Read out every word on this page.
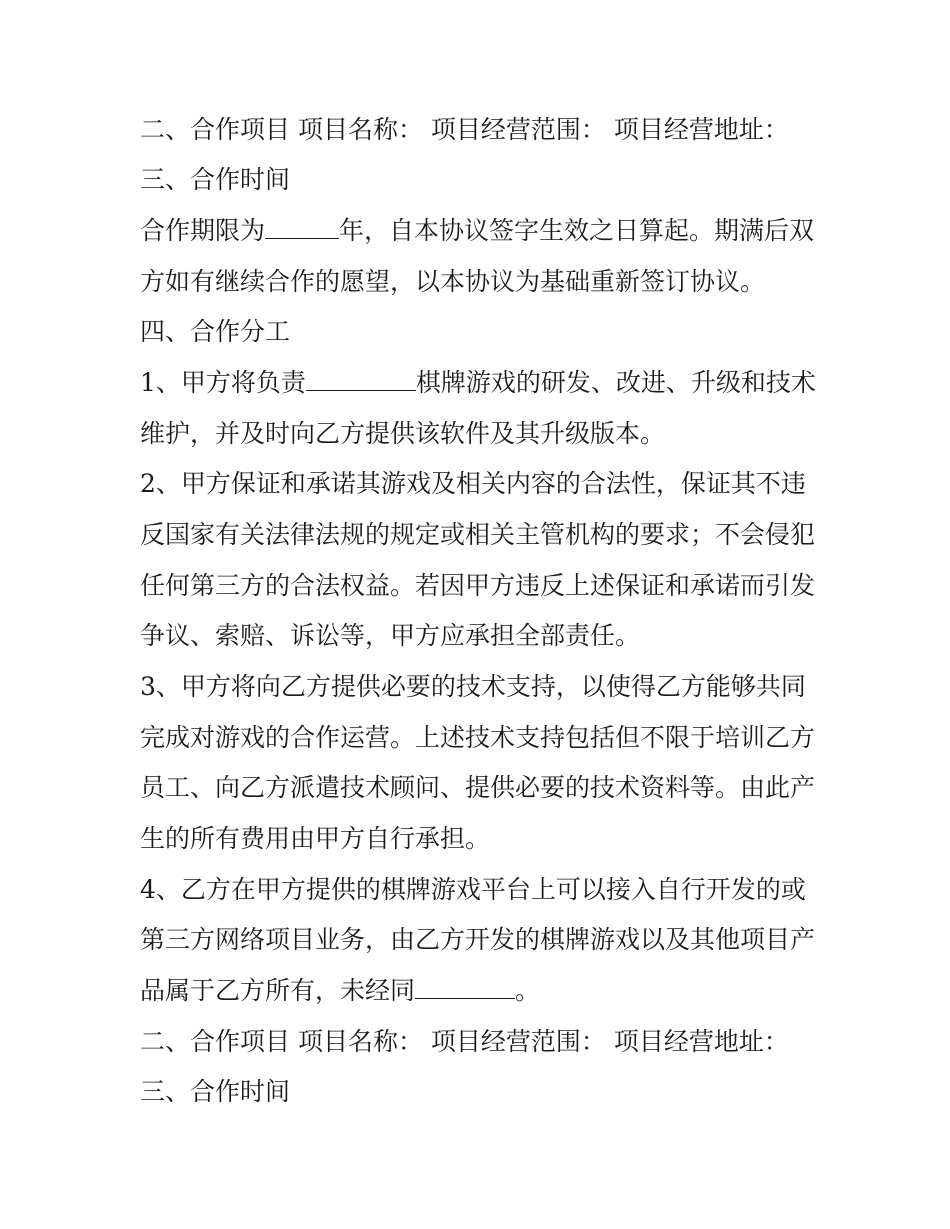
二、合作项目 项目名称： 项目经营范围： 项目经营地址：
三、合作时间
合作期限为	年，自本协议签字生效之日算起。期满后双
方如有继续合作的愿望，以本协议为基础重新签订协议。
四、合作分工
1、甲方将负责	棋牌游戏的研发、改进、升级和技术
维护，并及时向乙方提供该软件及其升级版本。
2、甲方保证和承诺其游戏及相关内容的合法性，保证其不违
反国家有关法律法规的规定或相关主管机构的要求；不会侵犯
任何第三方的合法权益。若因甲方违反上述保证和承诺而引发
争议、索赔、诉讼等，甲方应承担全部责任。
3、甲方将向乙方提供必要的技术支持，以使得乙方能够共同
完成对游戏的合作运营。上述技术支持包括但不限于培训乙方
员工、向乙方派遣技术顾问、提供必要的技术资料等。由此产
生的所有费用由甲方自行承担。
4、乙方在甲方提供的棋牌游戏平台上可以接入自行开发的或
第三方网络项目业务，由乙方开发的棋牌游戏以及其他项目产
品属于乙方所有，未经同	。
二、合作项目 项目名称： 项目经营范围： 项目经营地址：
三、合作时间
